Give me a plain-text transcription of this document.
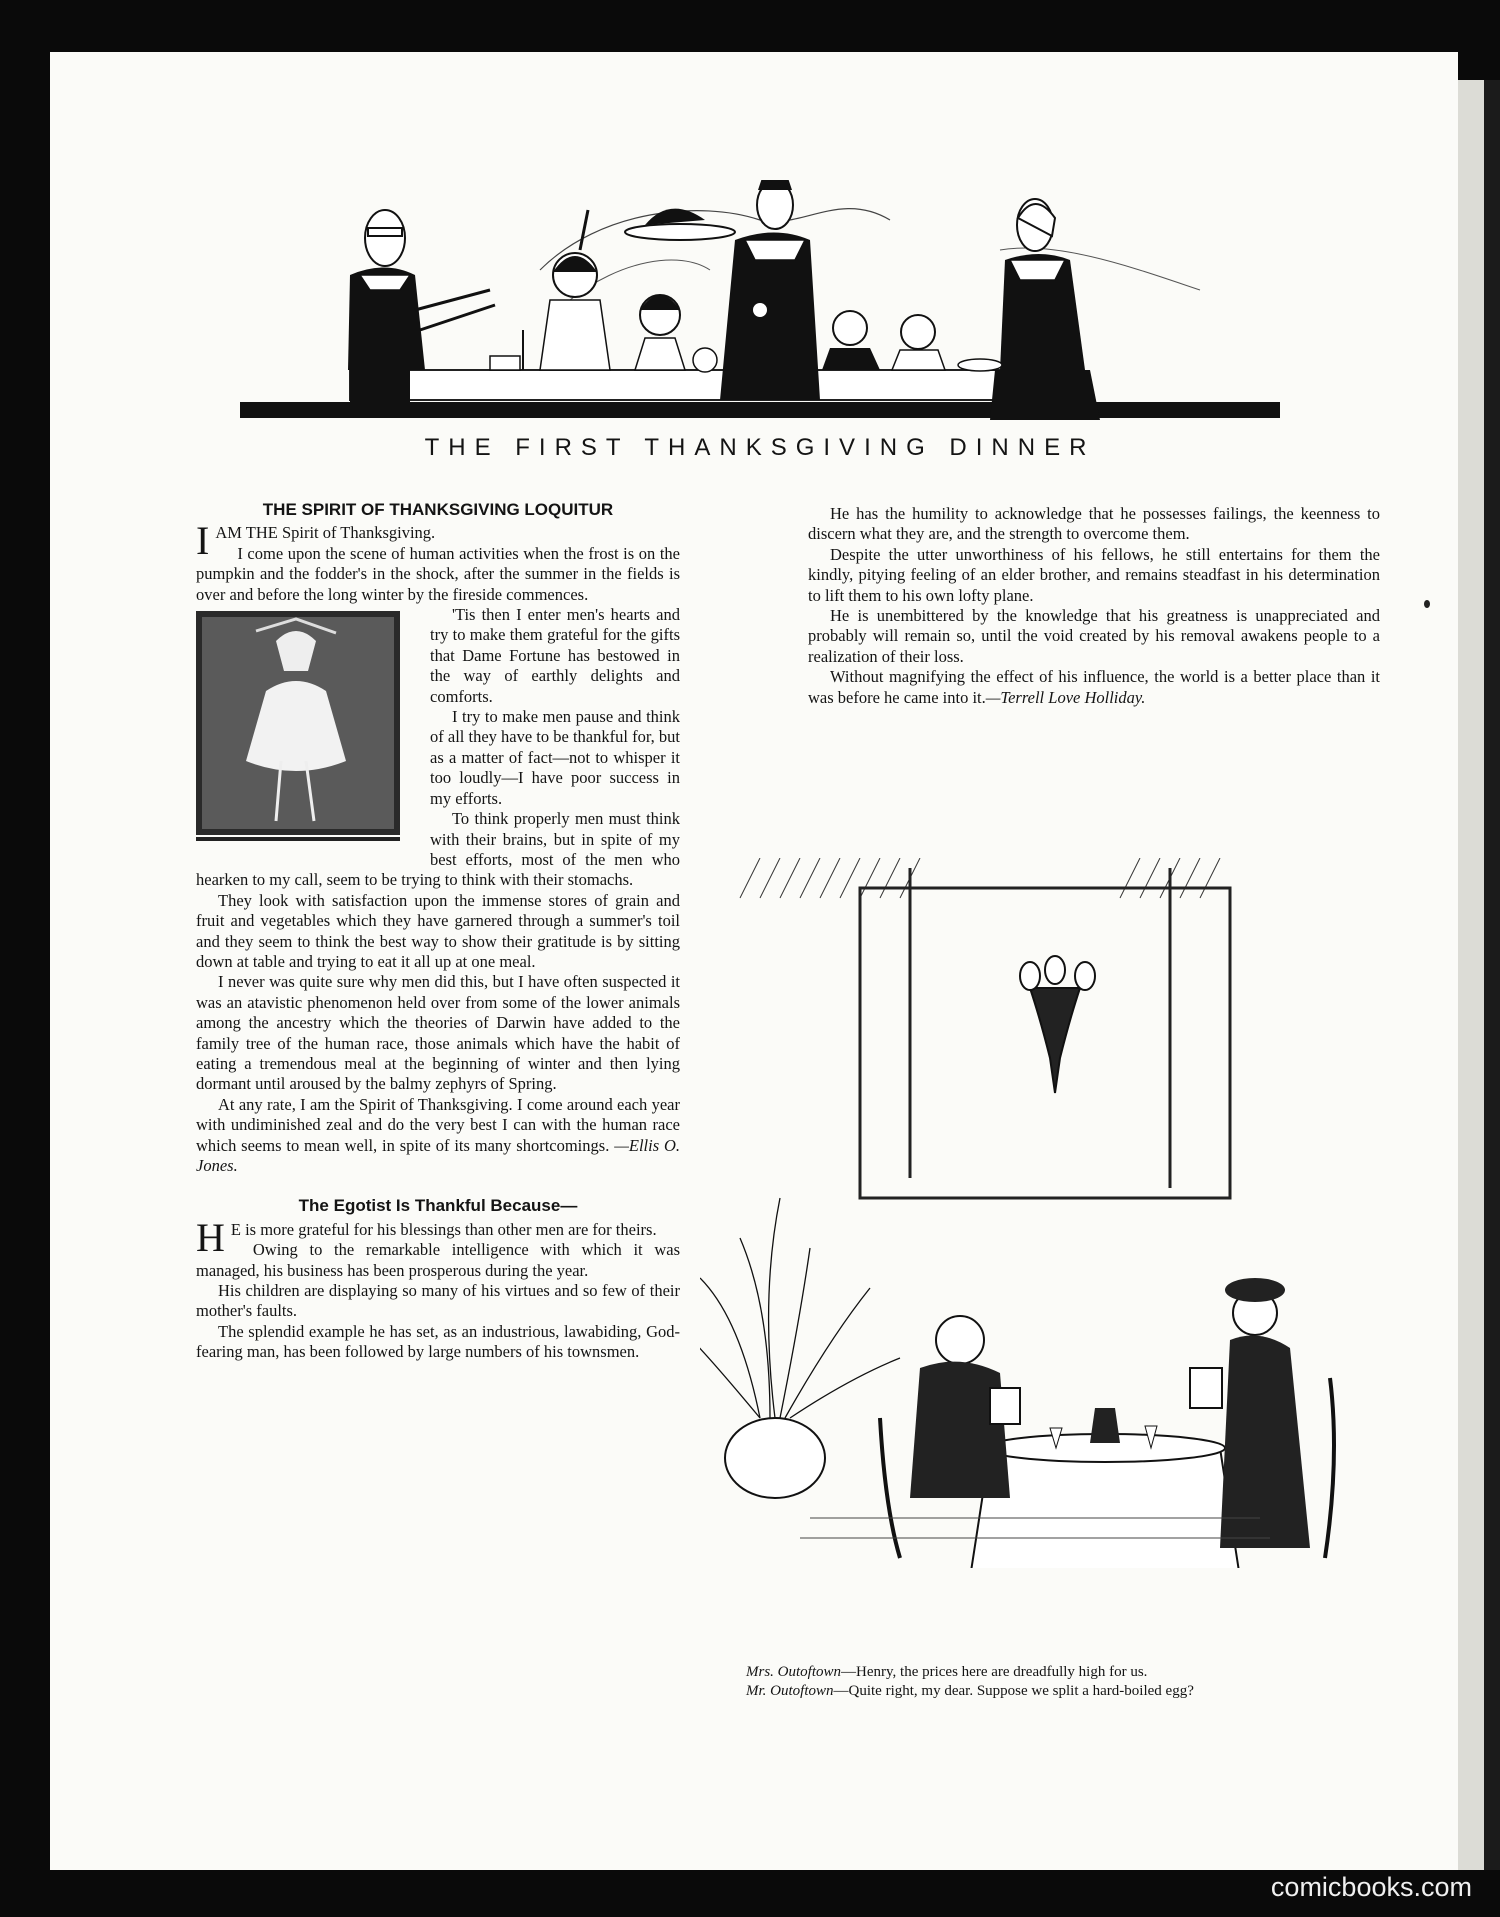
THE FIRST THANKSGIVING DINNER
THE SPIRIT OF THANKSGIVING LOQUITUR

IAM THE Spirit of Thanksgiving.

I come upon the scene of human activities when the frost is on the pumpkin and the fodder's in the shock, after the summer in the fields is over and before the long winter by the fireside commences.

'Tis then I enter men's hearts and try to make them grateful for the gifts that Dame Fortune has bestowed in the way of earthly delights and comforts.

I try to make men pause and think of all they have to be thankful for, but as a matter of fact—not to whisper it too loudly—I have poor success in my efforts.

To think properly men must think with their brains, but in spite of my best efforts, most of the men who hearken to my call, seem to be trying to think with their stomachs.

They look with satisfaction upon the immense stores of grain and fruit and vegetables which they have garnered through a summer's toil and they seem to think the best way to show their gratitude is by sitting down at table and trying to eat it all up at one meal.

I never was quite sure why men did this, but I have often suspected it was an atavistic phenomenon held over from some of the lower animals among the ancestry which the theories of Darwin have added to the family tree of the human race, those animals which have the habit of eating a tremendous meal at the beginning of winter and then lying dormant until aroused by the balmy zephyrs of Spring.

At any rate, I am the Spirit of Thanksgiving. I come around each year with undiminished zeal and do the very best I can with the human race which seems to mean well, in spite of its many shortcomings. —Ellis O. Jones.

The Egotist Is Thankful Because—

H E is more grateful for his blessings than other men are for theirs.

Owing to the remarkable intelligence with which it was managed, his business has been prosperous during the year.

His children are displaying so many of his virtues and so few of their mother's faults.

The splendid example he has set, as an industrious, lawabiding, God-fearing man, has been followed by large numbers of his townsmen.

He has the humility to acknowledge that he possesses failings, the keenness to discern what they are, and the strength to overcome them.

Despite the utter unworthiness of his fellows, he still entertains for them the kindly, pitying feeling of an elder brother, and remains steadfast in his determination to lift them to his own lofty plane.

He is unembittered by the knowledge that his greatness is unappreciated and probably will remain so, until the void created by his removal awakens people to a realization of their loss.

Without magnifying the effect of his influence, the world is a better place than it was before he came into it.—Terrell Love Holliday.

Mrs. Outoftown—Henry, the prices here are dreadfully high for us.
Mr. Outoftown—Quite right, my dear. Suppose we split a hard-boiled egg?
comicbooks.com
